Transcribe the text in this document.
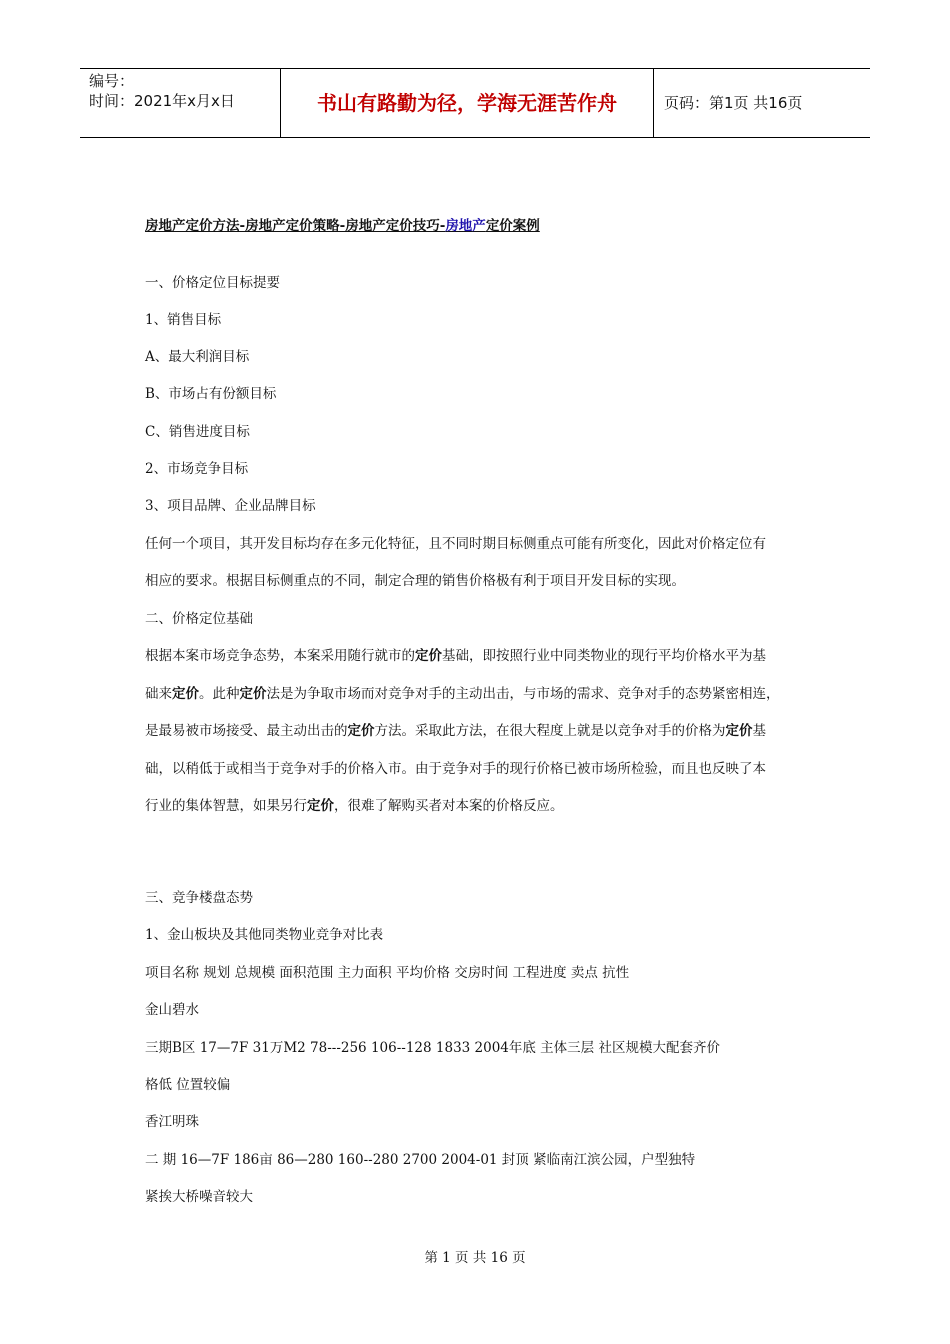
编号：
时间：2021年x月x日	书山有路勤为径，学海无涯苦作舟	页码：第1页 共16页
房地产定价方法-房地产定价策略-房地产定价技巧-房地产定价案例
一、价格定位目标提要
1、销售目标
A、最大利润目标
B、市场占有份额目标
C、销售进度目标
2、市场竞争目标
3、项目品牌、企业品牌目标
任何一个项目，其开发目标均存在多元化特征，且不同时期目标侧重点可能有所变化，因此对价格定位有
相应的要求。根据目标侧重点的不同，制定合理的销售价格极有利于项目开发目标的实现。
二、价格定位基础
根据本案市场竞争态势，本案采用随行就市的定价基础，即按照行业中同类物业的现行平均价格水平为基
础来定价。此种定价法是为争取市场而对竞争对手的主动出击，与市场的需求、竞争对手的态势紧密相连，
是最易被市场接受、最主动出击的定价方法。采取此方法，在很大程度上就是以竞争对手的价格为定价基
础，以稍低于或相当于竞争对手的价格入市。由于竞争对手的现行价格已被市场所检验，而且也反映了本
行业的集体智慧，如果另行定价，很难了解购买者对本案的价格反应。
三、竞争楼盘态势
1、金山板块及其他同类物业竞争对比表
项目名称 规划 总规模 面积范围 主力面积 平均价格 交房时间 工程进度 卖点 抗性
金山碧水
三期B区 17—7F 31万M2 78---256 106--128 1833 2004年底 主体三层 社区规模大配套齐价
格低 位置较偏
香江明珠
二 期 16—7F 186亩 86—280 160--280 2700 2004-01 封顶 紧临南江滨公园，户型独特
紧挨大桥噪音较大
第 1 页 共 16 页
